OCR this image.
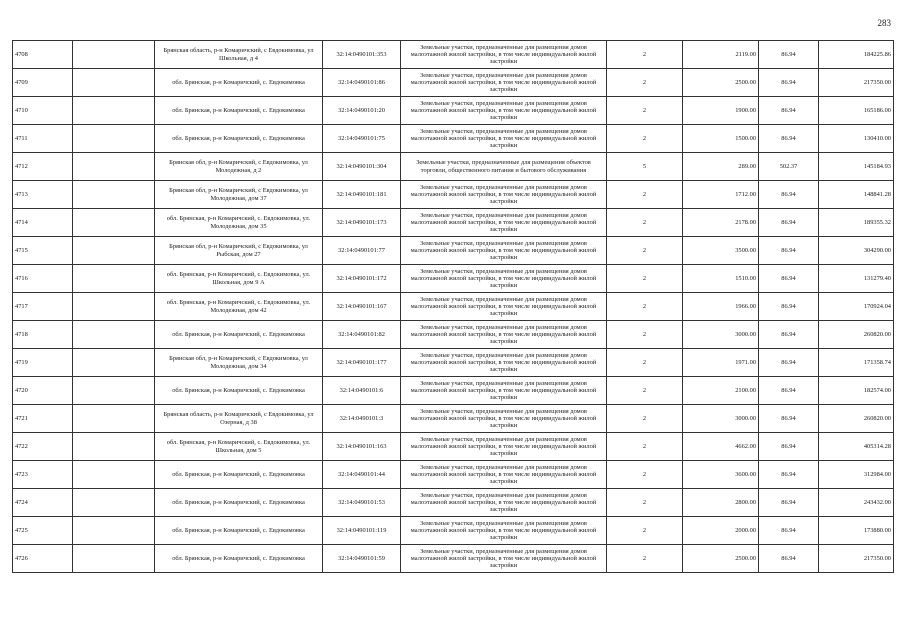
283
4708		Брянская область, р-н Комаричский, с Евдокимовка, ул Школьная, д 4	32:14:0490101:353	Земельные участки, предназначенные для размещения домов малоэтажной жилой застройки, в том числе индивидуальной жилой застройки	2	2119.00	86.94	184225.86
4709		обл. Брянская, р-н Комаричский, с. Евдокимовка	32:14:0490101:86	Земельные участки, предназначенные для размещения домов малоэтажной жилой застройки, в том числе индивидуальной жилой застройки	2	2500.00	86.94	217350.00
4710		обл. Брянская, р-н Комаричский, с. Евдокимовка	32:14:0490101:20	Земельные участки, предназначенные для размещения домов малоэтажной жилой застройки, в том числе индивидуальной жилой застройки	2	1900.00	86.94	165186.00
4711		обл. Брянская, р-н Комаричский, с. Евдокимовка	32:14:0490101:75	Земельные участки, предназначенные для размещения домов малоэтажной жилой застройки, в том числе индивидуальной жилой застройки	2	1500.00	86.94	130410.00
4712		Брянская обл, р-н Комаричский, с Евдокимовка, ул Молодежная, д 2	32:14:0490101:304	Земельные участки, предназначенные для размещения объектов торговли, общественного питания и бытового обслуживания	5	289.00	502.37	145184.93
4713		Брянская обл, р-н Комаричский, с Евдокимовка, ул Молодежная, дом 37	32:14:0490101:181	Земельные участки, предназначенные для размещения домов малоэтажной жилой застройки, в том числе индивидуальной жилой застройки	2	1712.00	86.94	148841.28
4714		обл. Брянская, р-н Комаричский, с. Евдокимовка, ул. Молодежная, дом 35	32:14:0490101:173	Земельные участки, предназначенные для размещения домов малоэтажной жилой застройки, в том числе индивидуальной жилой застройки	2	2178.00	86.94	189355.32
4715		Брянская обл, р-н Комаричский, с Евдокимовка, ул Рыбская, дом 27	32:14:0490101:77	Земельные участки, предназначенные для размещения домов малоэтажной жилой застройки, в том числе индивидуальной жилой застройки	2	3500.00	86.94	304290.00
4716		обл. Брянская, р-н Комаричский, с. Евдокимовка, ул. Школьная, дом 9 А	32:14:0490101:172	Земельные участки, предназначенные для размещения домов малоэтажной жилой застройки, в том числе индивидуальной жилой застройки	2	1510.00	86.94	131279.40
4717		обл. Брянская, р-н Комаричский, с. Евдокимовка, ул. Молодежная, дом 42	32:14:0490101:167	Земельные участки, предназначенные для размещения домов малоэтажной жилой застройки, в том числе индивидуальной жилой застройки	2	1966.00	86.94	170924.04
4718		обл. Брянская, р-н Комаричский, с. Евдокимовка	32:14:0490101:82	Земельные участки, предназначенные для размещения домов малоэтажной жилой застройки, в том числе индивидуальной жилой застройки	2	3000.00	86.94	260820.00
4719		Брянская обл, р-н Комаричский, с Евдокимовка, ул Молодежная, дом 34	32:14:0490101:177	Земельные участки, предназначенные для размещения домов малоэтажной жилой застройки, в том числе индивидуальной жилой застройки	2	1971.00	86.94	171358.74
4720		обл. Брянская, р-н Комаричский, с. Евдокимовка	32:14:0490101:6	Земельные участки, предназначенные для размещения домов малоэтажной жилой застройки, в том числе индивидуальной жилой застройки	2	2100.00	86.94	182574.00
4721		Брянская область, р-н Комаричский, с Евдокимовка, ул Озерная, д 38	32:14:0490101:3	Земельные участки, предназначенные для размещения домов малоэтажной жилой застройки, в том числе индивидуальной жилой застройки	2	3000.00	86.94	260820.00
4722		обл. Брянская, р-н Комаричский, с. Евдокимовка, ул. Школьная, дом 5	32:14:0490101:163	Земельные участки, предназначенные для размещения домов малоэтажной жилой застройки, в том числе индивидуальной жилой застройки	2	4662.00	86.94	405314.28
4723		обл. Брянская, р-н Комаричский, с. Евдокимовка	32:14:0490101:44	Земельные участки, предназначенные для размещения домов малоэтажной жилой застройки, в том числе индивидуальной жилой застройки	2	3600.00	86.94	312984.00
4724		обл. Брянская, р-н Комаричский, с. Евдокимовка	32:14:0490101:53	Земельные участки, предназначенные для размещения домов малоэтажной жилой застройки, в том числе индивидуальной жилой застройки	2	2800.00	86.94	243432.00
4725		обл. Брянская, р-н Комаричский, с. Евдокимовка	32:14:0490101:119	Земельные участки, предназначенные для размещения домов малоэтажной жилой застройки, в том числе индивидуальной жилой застройки	2	2000.00	86.94	173880.00
4726		обл. Брянская, р-н Комаричский, с. Евдокимовка	32:14:0490101:59	Земельные участки, предназначенные для размещения домов малоэтажной жилой застройки, в том числе индивидуальной жилой застройки	2	2500.00	86.94	217350.00
